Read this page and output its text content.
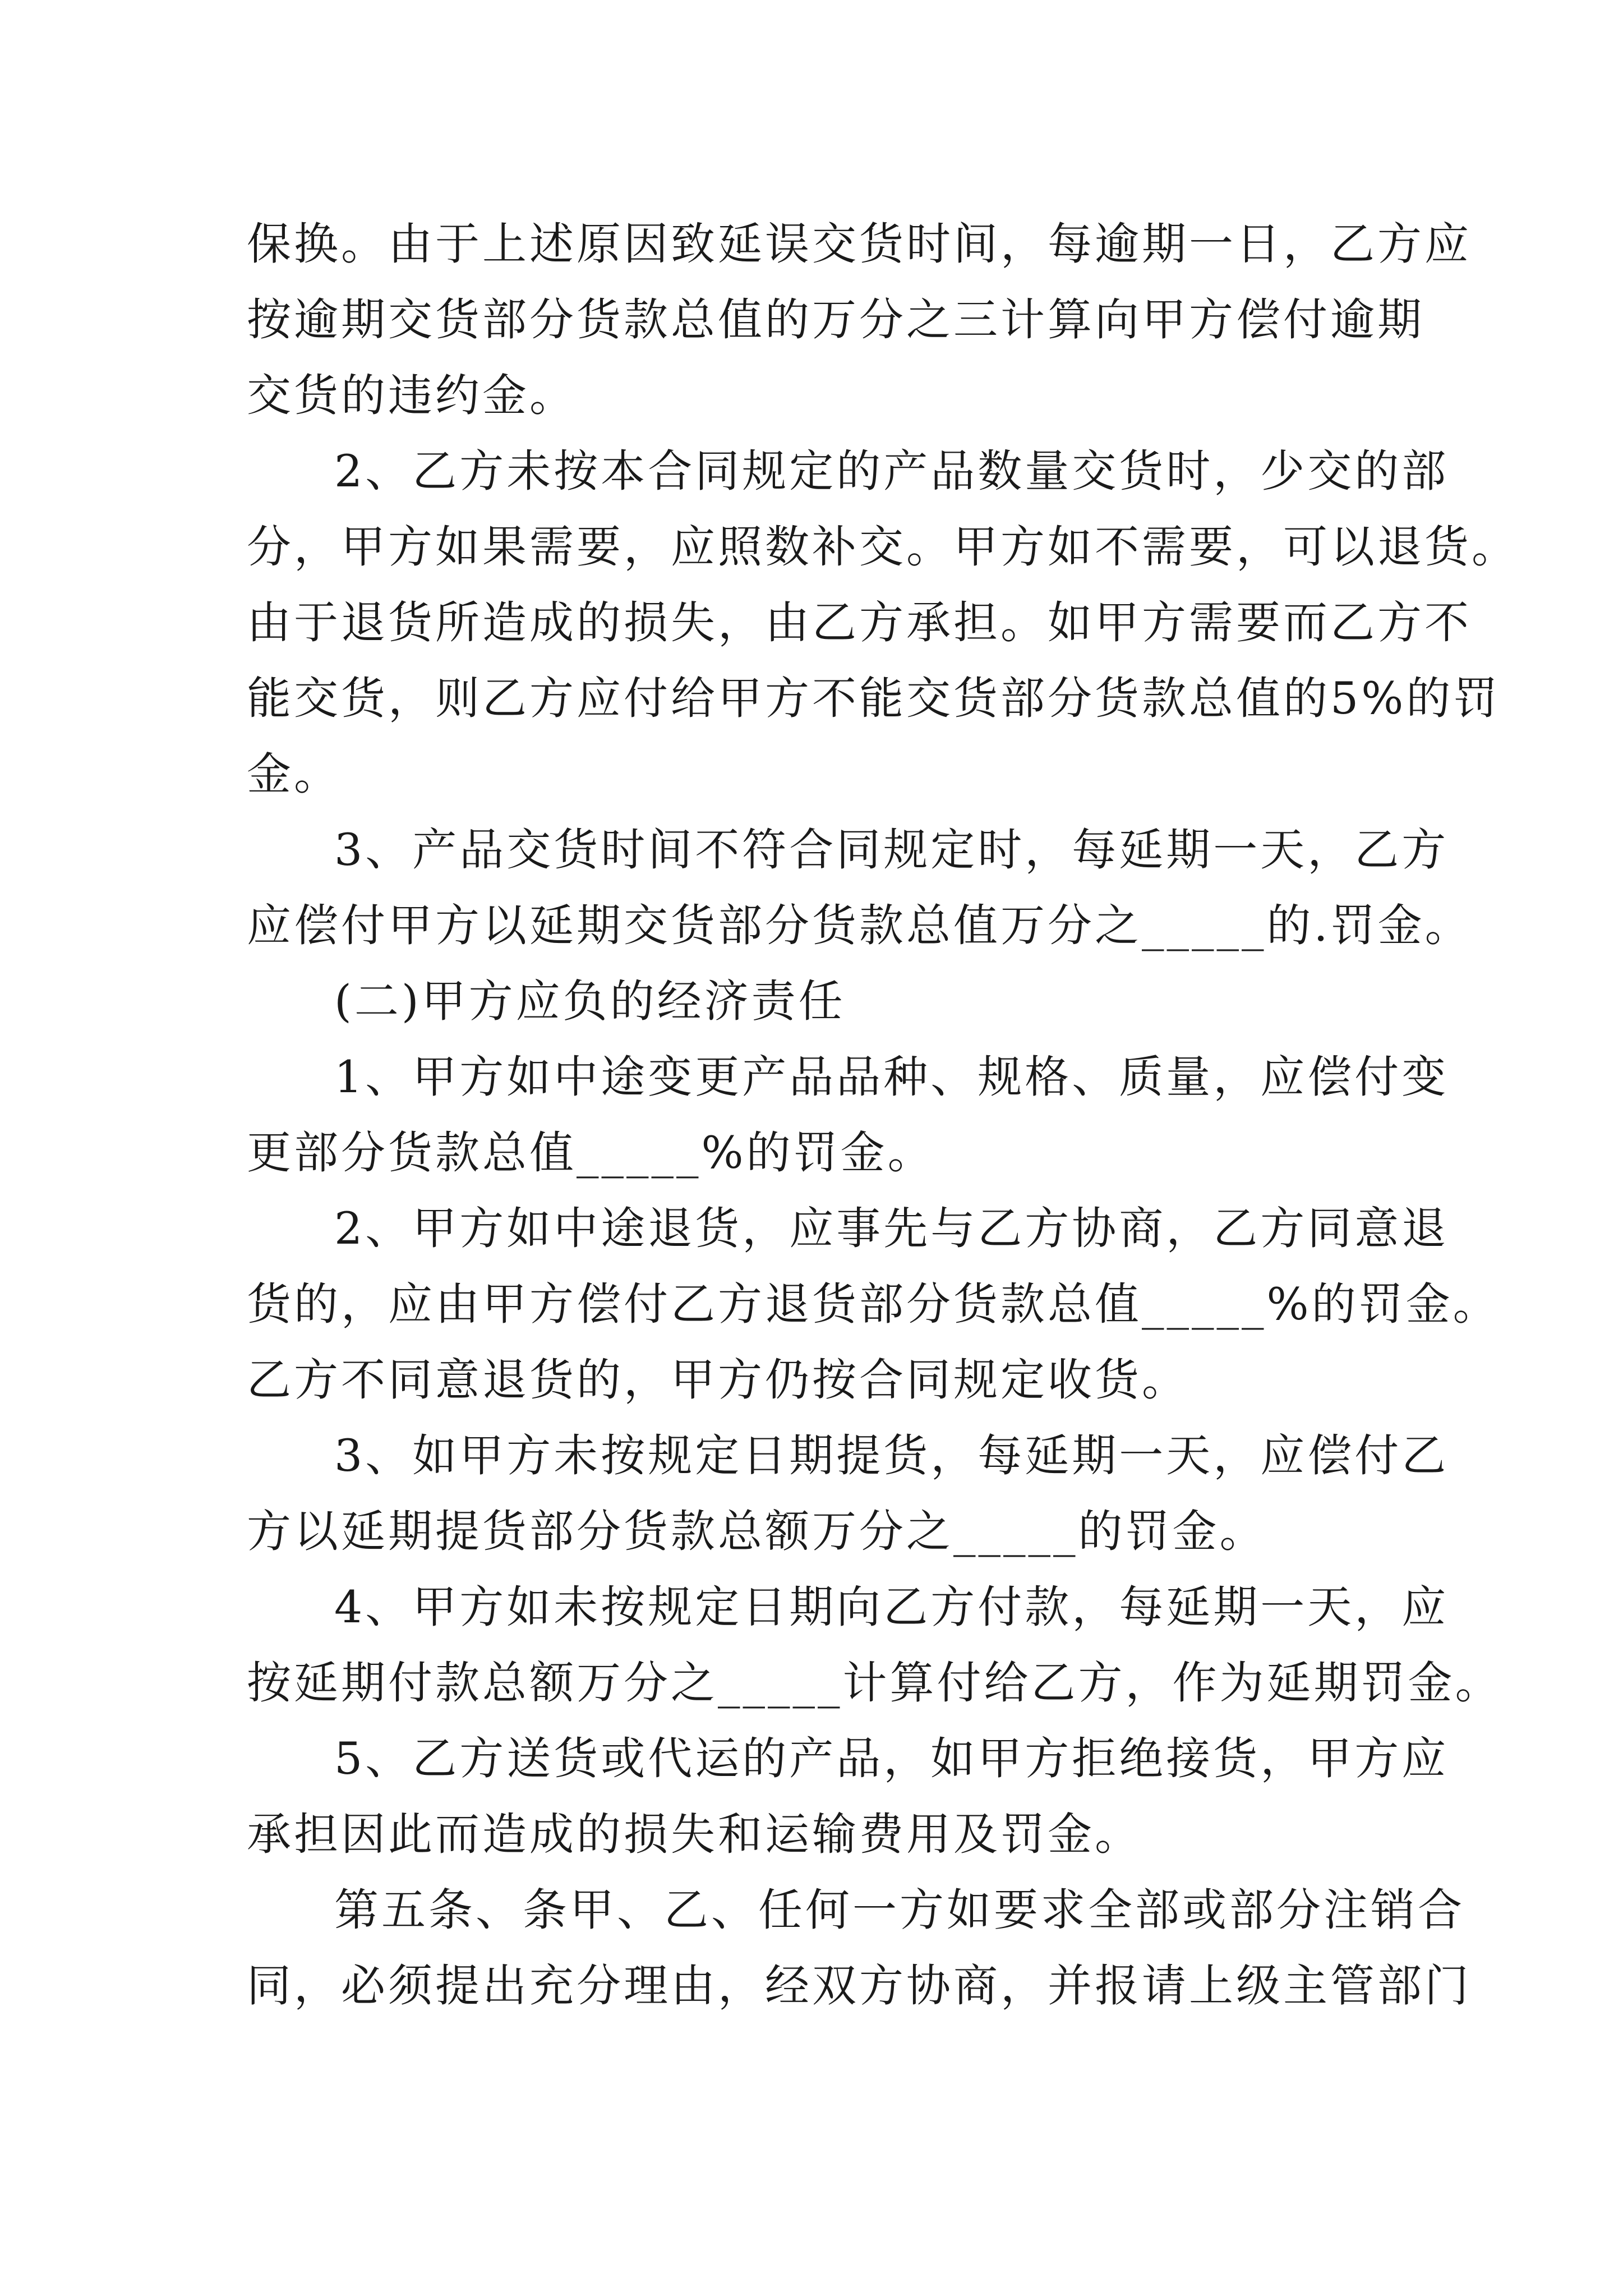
保换。由于上述原因致延误交货时间，每逾期一日，乙方应

按逾期交货部分货款总值的万分之三计算向甲方偿付逾期

交货的违约金。

2、乙方未按本合同规定的产品数量交货时，少交的部

分，甲方如果需要，应照数补交。甲方如不需要，可以退货。

由于退货所造成的损失，由乙方承担。如甲方需要而乙方不

能交货，则乙方应付给甲方不能交货部分货款总值的5%的罚

金。

3、产品交货时间不符合同规定时，每延期一天，乙方

应偿付甲方以延期交货部分货款总值万分之_____的.罚金。

(二)甲方应负的经济责任

1、甲方如中途变更产品品种、规格、质量，应偿付变

更部分货款总值_____%的罚金。

2、甲方如中途退货，应事先与乙方协商，乙方同意退

货的，应由甲方偿付乙方退货部分货款总值_____%的罚金。

乙方不同意退货的，甲方仍按合同规定收货。

3、如甲方未按规定日期提货，每延期一天，应偿付乙

方以延期提货部分货款总额万分之_____的罚金。

4、甲方如未按规定日期向乙方付款，每延期一天，应

按延期付款总额万分之_____计算付给乙方，作为延期罚金。

5、乙方送货或代运的产品，如甲方拒绝接货，甲方应

承担因此而造成的损失和运输费用及罚金。

第五条、条甲、乙、任何一方如要求全部或部分注销合

同，必须提出充分理由，经双方协商，并报请上级主管部门
